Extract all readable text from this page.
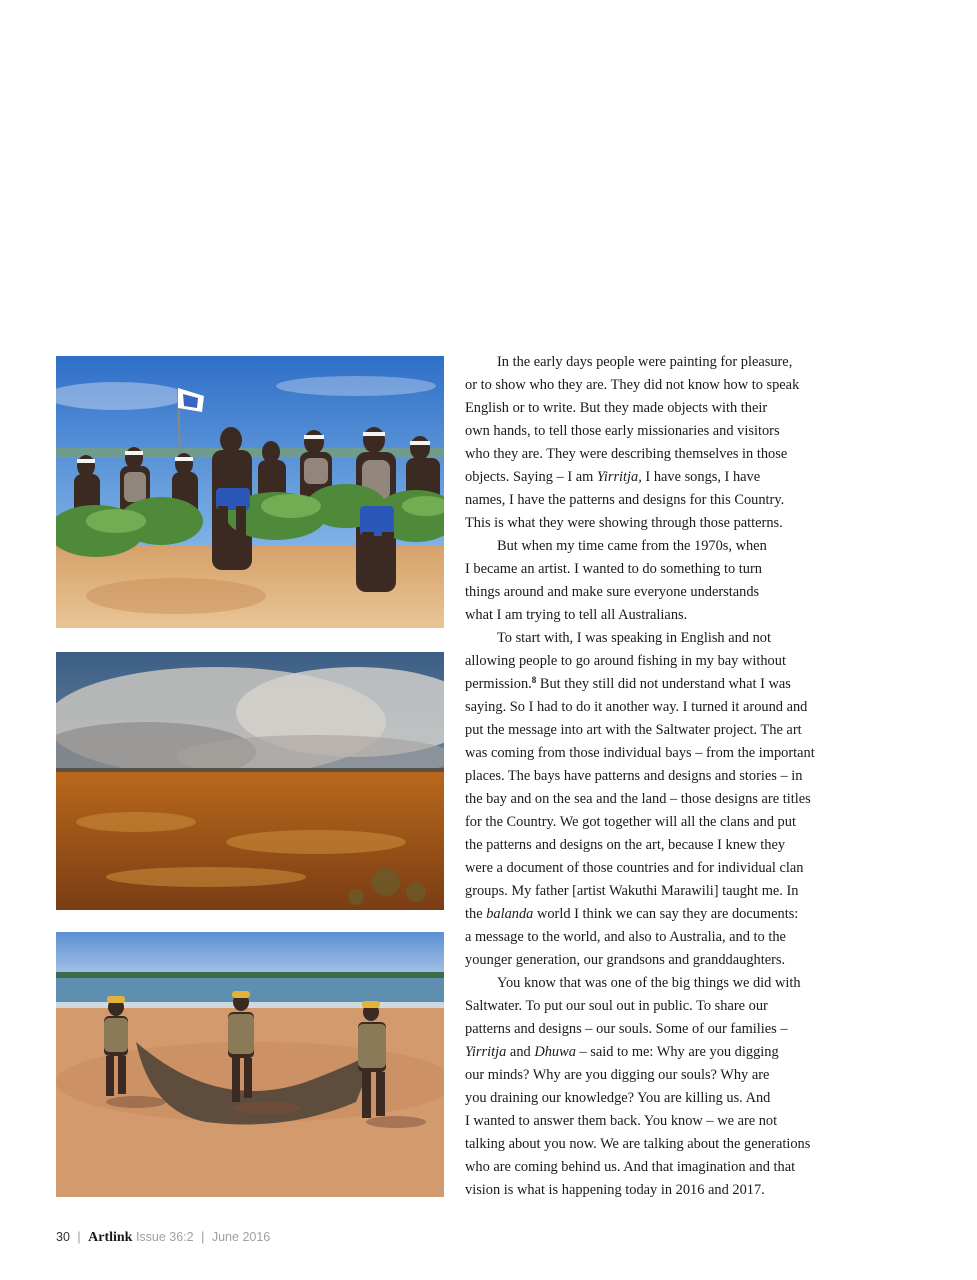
In the early days people were painting for pleasure,
or to show who they are. They did not know how to speak
English or to write. But they made objects with their
own hands, to tell those early missionaries and visitors
who they are. They were describing themselves in those
objects. Saying – I am Yirritja, I have songs, I have
names, I have the patterns and designs for this Country.
This is what they were showing through those patterns.

But when my time came from the 1970s, when
I became an artist. I wanted to do something to turn
things around and make sure everyone understands
what I am trying to tell all Australians.

To start with, I was speaking in English and not
allowing people to go around fishing in my bay without
permission.$^8$ But they still did not understand what I was
saying. So I had to do it another way. I turned it around and
put the message into art with the Saltwater project. The art
was coming from those individual bays – from the important
places. The bays have patterns and designs and stories – in
the bay and on the sea and the land – those designs are titles
for the Country. We got together will all the clans and put
the patterns and designs on the art, because I knew they
were a document of those countries and for individual clan
groups. My father [artist Wakuthi Marawili] taught me. In
the balanda world I think we can say they are documents:
a message to the world, and also to Australia, and to the
younger generation, our grandsons and granddaughters.

You know that was one of the big things we did with
Saltwater. To put our soul out in public. To share our
patterns and designs – our souls. Some of our families –
Yirritja and Dhuwa – said to me: Why are you digging
our minds? Why are you digging our souls? Why are
you draining our knowledge? You are killing us. And
I wanted to answer them back. You know – we are not
talking about you now. We are talking about the generations
who are coming behind us. And that imagination and that
vision is what is happening today in 2016 and 2017.

30 | Artlink Issue 36:2 | June 2016
